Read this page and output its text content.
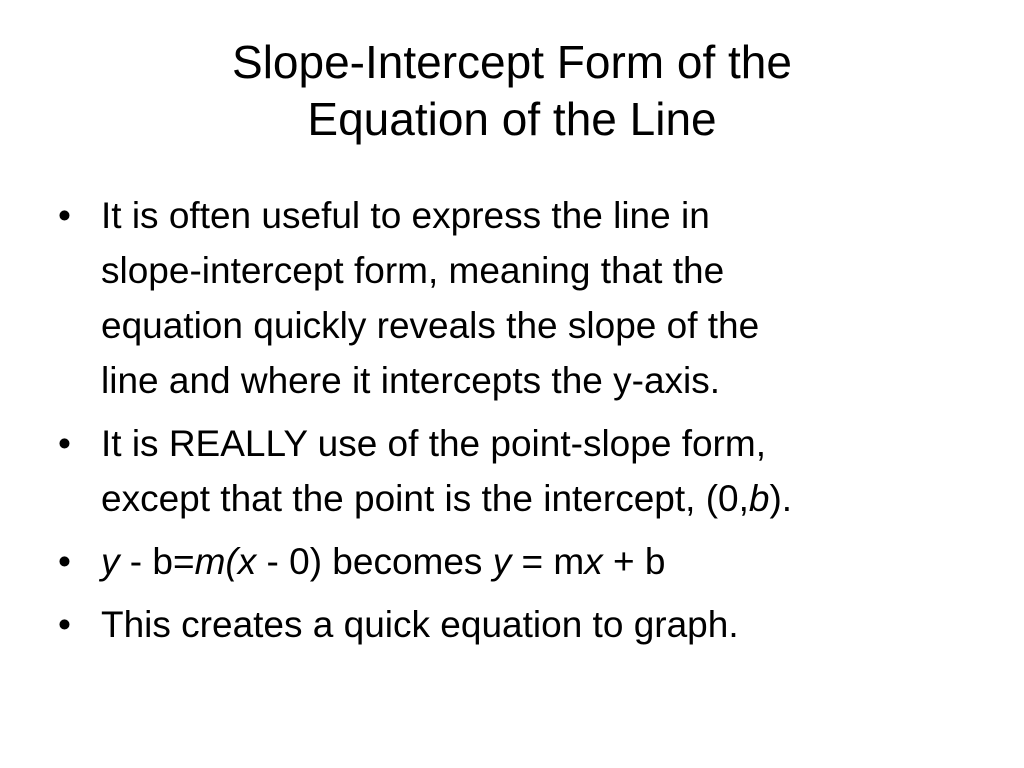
Slope-Intercept Form of the
Equation of the Line
• It is often useful to express the line in
slope-intercept form, meaning that the
equation quickly reveals the slope of the
line and where it intercepts the y-axis.
• It is REALLY use of the point-slope form,
except that the point is the intercept, (0,b).
• y - b=m(x - 0) becomes y = mx + b
• This creates a quick equation to graph.
